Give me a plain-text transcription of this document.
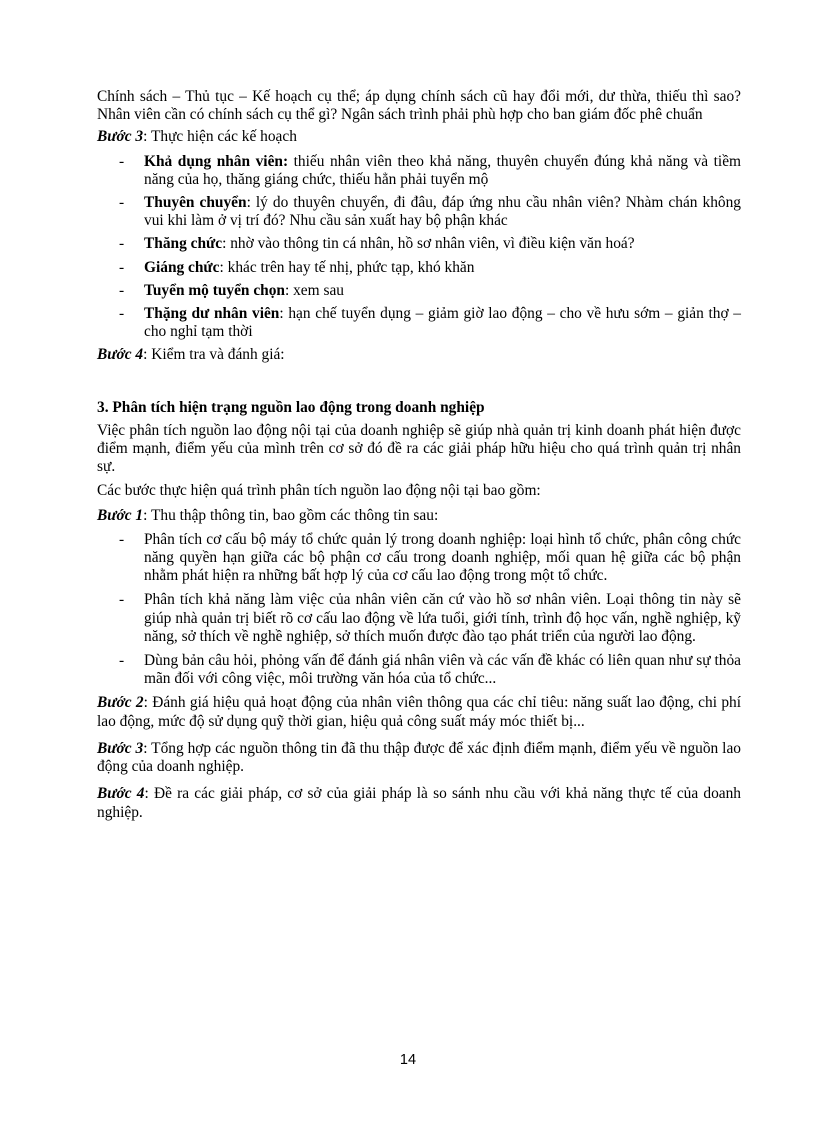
Chính sách – Thủ tục – Kế hoạch cụ thể; áp dụng chính sách cũ hay đổi mới, dư thừa, thiếu thì sao? Nhân viên cần có chính sách cụ thể gì? Ngân sách trình phải phù hợp cho ban giám đốc phê chuẩn

Bước 3: Thực hiện các kế hoạch

- Khả dụng nhân viên: thiếu nhân viên theo khả năng, thuyên chuyển đúng khả năng và tiềm năng của họ, thăng giáng chức, thiếu hẳn phải tuyển mộ
- Thuyên chuyển: lý do thuyên chuyển, đi đâu, đáp ứng nhu cầu nhân viên? Nhàm chán không vui khi làm ở vị trí đó? Nhu cầu sản xuất hay bộ phận khác
- Thăng chức: nhờ vào thông tin cá nhân, hồ sơ nhân viên, vì điều kiện văn hoá?
- Giáng chức: khác trên hay tế nhị, phức tạp, khó khăn
- Tuyển mộ tuyển chọn: xem sau
- Thặng dư nhân viên: hạn chế tuyển dụng – giảm giờ lao động – cho về hưu sớm – giản thợ – cho nghỉ tạm thời

Bước 4: Kiểm tra và đánh giá:

3. Phân tích hiện trạng nguồn lao động trong doanh nghiệp

Việc phân tích nguồn lao động nội tại của doanh nghiệp sẽ giúp nhà quản trị kinh doanh phát hiện được điểm mạnh, điểm yếu của mình trên cơ sở đó đề ra các giải pháp hữu hiệu cho quá trình quản trị nhân sự.

Các bước thực hiện quá trình phân tích nguồn lao động nội tại bao gồm:

Bước 1: Thu thập thông tin, bao gồm các thông tin sau:

- Phân tích cơ cấu bộ máy tổ chức quản lý trong doanh nghiệp: loại hình tổ chức, phân công chức năng quyền hạn giữa các bộ phận cơ cấu trong doanh nghiệp, mối quan hệ giữa các bộ phận nhằm phát hiện ra những bất hợp lý của cơ cấu lao động trong một tổ chức.
- Phân tích khả năng làm việc của nhân viên căn cứ vào hồ sơ nhân viên. Loại thông tin này sẽ giúp nhà quản trị biết rõ cơ cấu lao động về lứa tuổi, giới tính, trình độ học vấn, nghề nghiệp, kỹ năng, sở thích về nghề nghiệp, sở thích muốn được đào tạo phát triển của người lao động.
- Dùng bản câu hỏi, phỏng vấn để đánh giá nhân viên và các vấn đề khác có liên quan như sự thỏa mãn đối với công việc, môi trường văn hóa của tổ chức...

Bước 2: Đánh giá hiệu quả hoạt động của nhân viên thông qua các chỉ tiêu: năng suất lao động, chi phí lao động, mức độ sử dụng quỹ thời gian, hiệu quả công suất máy móc thiết bị...

Bước 3: Tổng hợp các nguồn thông tin đã thu thập được để xác định điểm mạnh, điểm yếu về nguồn lao động của doanh nghiệp.

Bước 4: Đề ra các giải pháp, cơ sở của giải pháp là so sánh nhu cầu với khả năng thực tế của doanh nghiệp.

14
